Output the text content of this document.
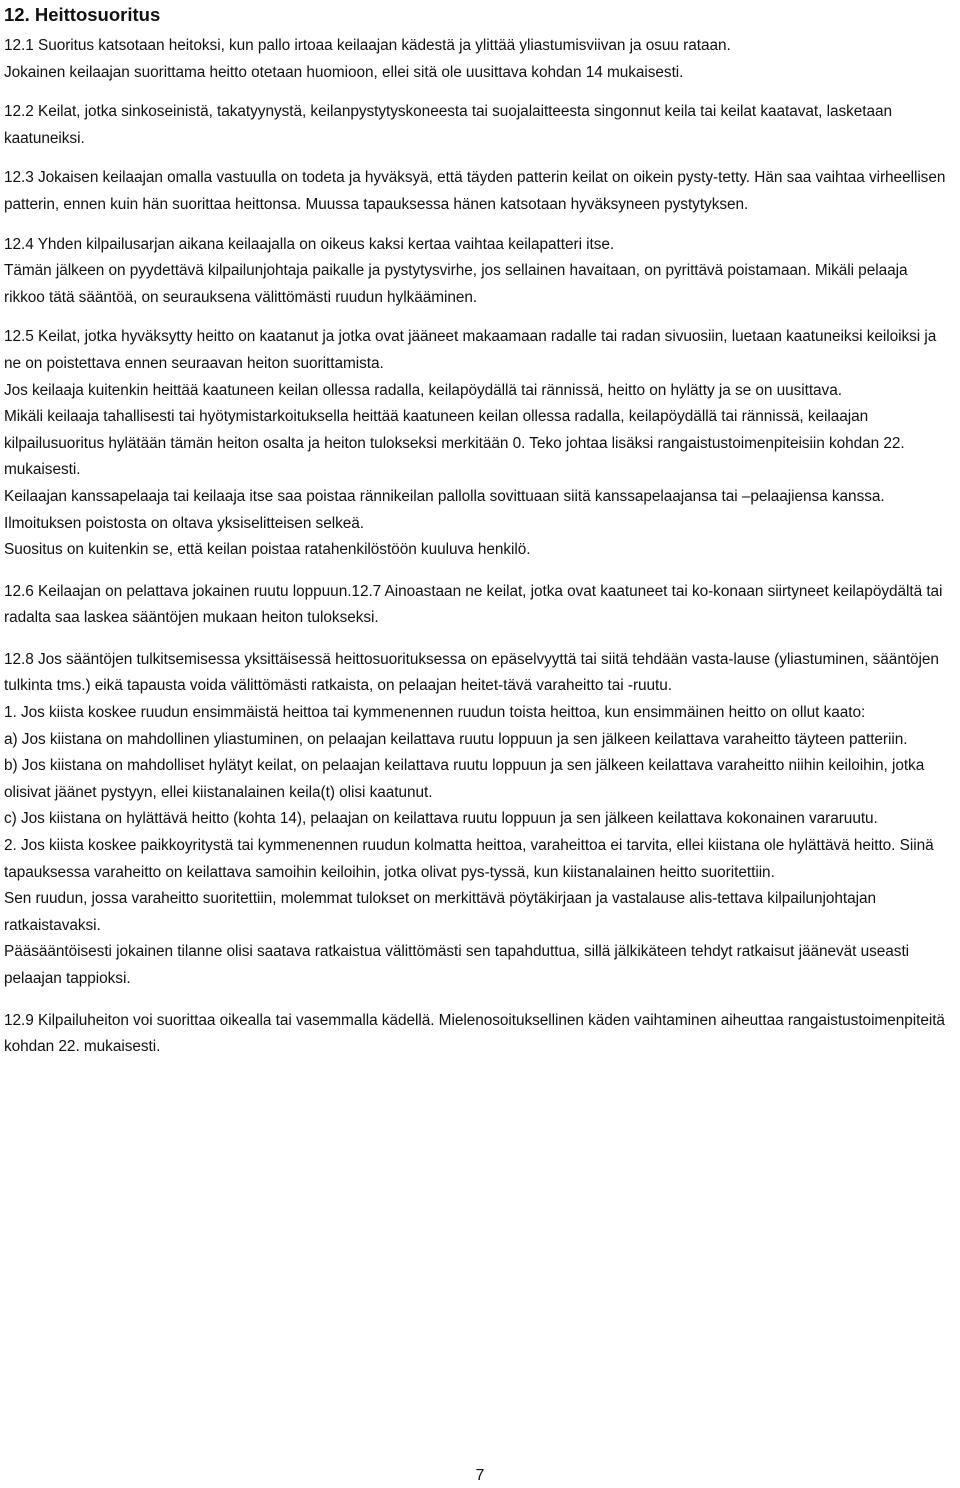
12. Heittosuoritus

12.1 Suoritus katsotaan heitoksi, kun pallo irtoaa keilaajan kädestä ja ylittää yliastumisviivan ja osuu rataan.

Jokainen keilaajan suorittama heitto otetaan huomioon, ellei sitä ole uusittava kohdan 14 mukaisesti.

12.2 Keilat, jotka sinkoseinistä, takatyynystä, keilanpystytyskoneesta tai suojalaitteesta singonnut keila tai keilat kaatavat, lasketaan kaatuneiksi.

12.3 Jokaisen keilaajan omalla vastuulla on todeta ja hyväksyä, että täyden patterin keilat on oikein pysty-tetty. Hän saa vaihtaa virheellisen patterin, ennen kuin hän suorittaa heittonsa. Muussa tapauksessa hänen katsotaan hyväksyneen pystytyksen.

12.4 Yhden kilpailusarjan aikana keilaajalla on oikeus kaksi kertaa vaihtaa keilapatteri itse.

Tämän jälkeen on pyydettävä kilpailunjohtaja paikalle ja pystytysvirhe, jos sellainen havaitaan, on pyrittävä poistamaan. Mikäli pelaaja rikkoo tätä sääntöä, on seurauksena välittömästi ruudun hylkääminen.

12.5 Keilat, jotka hyväksytty heitto on kaatanut ja jotka ovat jääneet makaamaan radalle tai radan sivuosiin, luetaan kaatuneiksi keiloiksi ja ne on poistettava ennen seuraavan heiton suorittamista.

Jos keilaaja kuitenkin heittää kaatuneen keilan ollessa radalla, keilapöydällä tai rännissä, heitto on hylätty ja se on uusittava.

Mikäli keilaaja tahallisesti tai hyötymistarkoituksella heittää kaatuneen keilan ollessa radalla, keilapöydällä tai rännissä, keilaajan kilpailusuoritus hylätään tämän heiton osalta ja heiton tulokseksi merkitään 0. Teko johtaa lisäksi rangaistustoimenpiteisiin kohdan 22. mukaisesti.

Keilaajan kanssapelaaja tai keilaaja itse saa poistaa rännikeilan pallolla sovittuaan siitä kanssapelaajansa tai –pelaajiensa kanssa. Ilmoituksen poistosta on oltava yksiselitteisen selkeä.

Suositus on kuitenkin se, että keilan poistaa ratahenkilöstöön kuuluva henkilö.

12.6 Keilaajan on pelattava jokainen ruutu loppuun.12.7 Ainoastaan ne keilat, jotka ovat kaatuneet tai ko-konaan siirtyneet keilapöydältä tai radalta saa laskea sääntöjen mukaan heiton tulokseksi.

12.8 Jos sääntöjen tulkitsemisessa yksittäisessä heittosuorituksessa on epäselvyyttä tai siitä tehdään vasta-lause (yliastuminen, sääntöjen tulkinta tms.) eikä tapausta voida välittömästi ratkaista, on pelaajan heitet-tävä varaheitto tai -ruutu.

1. Jos kiista koskee ruudun ensimmäistä heittoa tai kymmenennen ruudun toista heittoa, kun ensimmäinen heitto on ollut kaato:

a) Jos kiistana on mahdollinen yliastuminen, on pelaajan keilattava ruutu loppuun ja sen jälkeen keilattava varaheitto täyteen patteriin.

b) Jos kiistana on mahdolliset hylätyt keilat, on pelaajan keilattava ruutu loppuun ja sen jälkeen keilattava varaheitto niihin keiloihin, jotka olisivat jäänet pystyyn, ellei kiistanalainen keila(t) olisi kaatunut.

c) Jos kiistana on hylättävä heitto (kohta 14), pelaajan on keilattava ruutu loppuun ja sen jälkeen keilattava kokonainen vararuutu.

2. Jos kiista koskee paikkoyritystä tai kymmenennen ruudun kolmatta heittoa, varaheittoa ei tarvita, ellei kiistana ole hylättävä heitto. Siinä tapauksessa varaheitto on keilattava samoihin keiloihin, jotka olivat pys-tyssä, kun kiistanalainen heitto suoritettiin.

Sen ruudun, jossa varaheitto suoritettiin, molemmat tulokset on merkittävä pöytäkirjaan ja vastalause alis-tettava kilpailunjohtajan ratkaistavaksi.

Pääsääntöisesti jokainen tilanne olisi saatava ratkaistua välittömästi sen tapahduttua, sillä jälkikäteen tehdyt ratkaisut jäänevät useasti pelaajan tappioksi.

12.9 Kilpailuheiton voi suorittaa oikealla tai vasemmalla kädellä. Mielenosoituksellinen käden vaihtaminen aiheuttaa rangaistustoimenpiteitä kohdan 22. mukaisesti.

7
